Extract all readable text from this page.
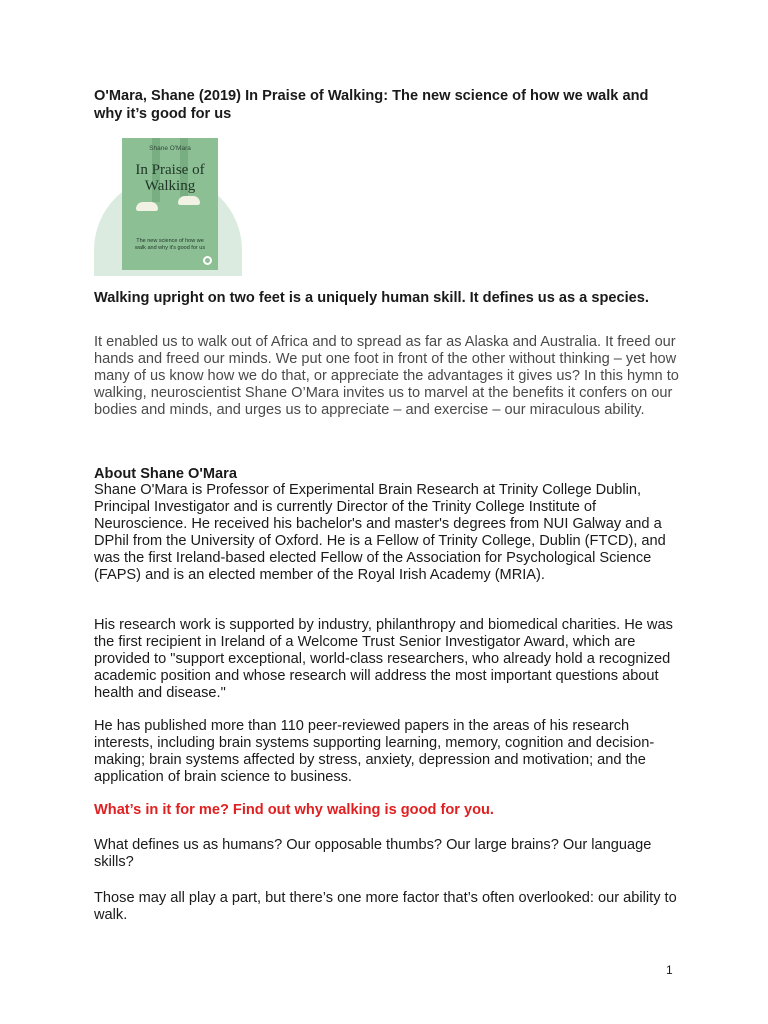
O'Mara, Shane (2019) In Praise of Walking: The new science of how we walk and why it’s good for us

Shane O'Mara
In Praise of Walking
The new science of how we walk and why it's good for us

Walking upright on two feet is a uniquely human skill. It defines us as a species.

It enabled us to walk out of Africa and to spread as far as Alaska and Australia. It freed our hands and freed our minds. We put one foot in front of the other without thinking – yet how many of us know how we do that, or appreciate the advantages it gives us? In this hymn to walking, neuroscientist Shane O’Mara invites us to marvel at the benefits it confers on our bodies and minds, and urges us to appreciate – and exercise – our miraculous ability.

About Shane O'Mara

Shane O'Mara is Professor of Experimental Brain Research at Trinity College Dublin, Principal Investigator and is currently Director of the Trinity College Institute of Neuroscience. He received his bachelor's and master's degrees from NUI Galway and a DPhil from the University of Oxford. He is a Fellow of Trinity College, Dublin (FTCD), and was the first Ireland-based elected Fellow of the Association for Psychological Science (FAPS) and is an elected member of the Royal Irish Academy (MRIA).

His research work is supported by industry, philanthropy and biomedical charities. He was the first recipient in Ireland of a Welcome Trust Senior Investigator Award, which are provided to "support exceptional, world-class researchers, who already hold a recognized academic position and whose research will address the most important questions about health and disease."

He has published more than 110 peer-reviewed papers in the areas of his research interests, including brain systems supporting learning, memory, cognition and decision-making; brain systems affected by stress, anxiety, depression and motivation; and the application of brain science to business.

What’s in it for me? Find out why walking is good for you.

What defines us as humans? Our opposable thumbs? Our large brains? Our language skills?

Those may all play a part, but there’s one more factor that’s often overlooked: our ability to walk.

1
